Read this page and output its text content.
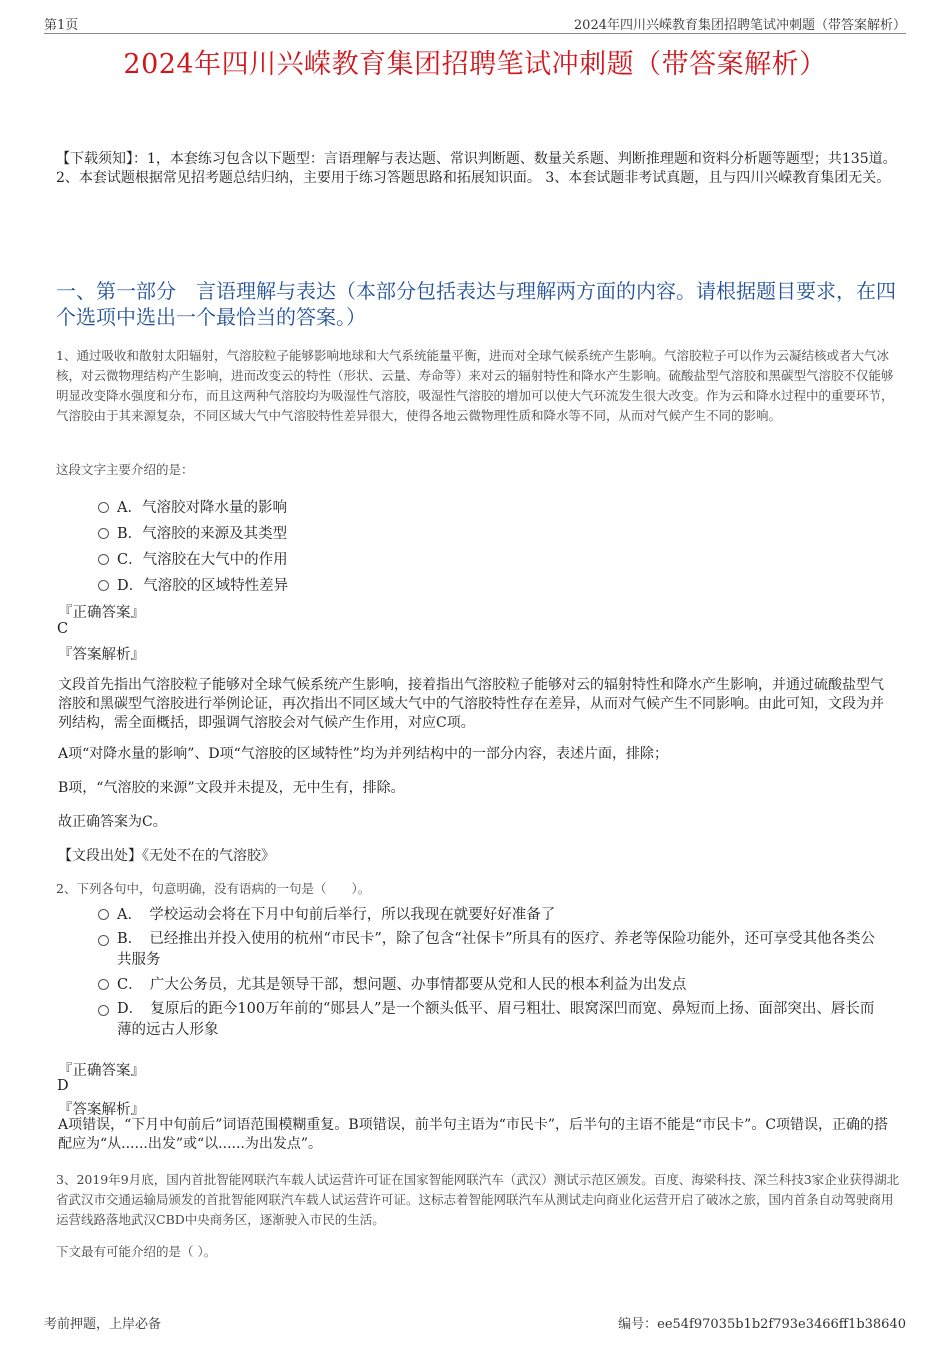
第1页	2024年四川兴嵘教育集团招聘笔试冲刺题（带答案解析）
2024年四川兴嵘教育集团招聘笔试冲刺题（带答案解析）
【下载须知】：1，本套练习包含以下题型：言语理解与表达题、常识判断题、数量关系题、判断推理题和资料分析题等题型；共135道。 2、本套试题根据常见招考题总结归纳，主要用于练习答题思路和拓展知识面。 3、本套试题非考试真题，且与四川兴嵘教育集团无关。
一、第一部分　言语理解与表达（本部分包括表达与理解两方面的内容。请根据题目要求，在四个选项中选出一个最恰当的答案。）
1、通过吸收和散射太阳辐射，气溶胶粒子能够影响地球和大气系统能量平衡，进而对全球气候系统产生影响。气溶胶粒子可以作为云凝结核或者大气冰核，对云微物理结构产生影响，进而改变云的特性（形状、云量、寿命等）来对云的辐射特性和降水产生影响。硫酸盐型气溶胶和黑碳型气溶胶不仅能够明显改变降水强度和分布，而且这两种气溶胶均为吸湿性气溶胶，吸湿性气溶胶的增加可以使大气环流发生很大改变。作为云和降水过程中的重要环节，气溶胶由于其来源复杂，不同区域大气中气溶胶特性差异很大，使得各地云微物理性质和降水等不同，从而对气候产生不同的影响。
这段文字主要介绍的是：
A．气溶胶对降水量的影响
B．气溶胶的来源及其类型
C．气溶胶在大气中的作用
D．气溶胶的区域特性差异
『正确答案』
C
『答案解析』
文段首先指出气溶胶粒子能够对全球气候系统产生影响，接着指出气溶胶粒子能够对云的辐射特性和降水产生影响，并通过硫酸盐型气溶胶和黑碳型气溶胶进行举例论证，再次指出不同区域大气中的气溶胶特性存在差异，从而对气候产生不同影响。由此可知，文段为并列结构，需全面概括，即强调气溶胶会对气候产生作用，对应C项。
A项“对降水量的影响”、D项“气溶胶的区域特性”均为并列结构中的一部分内容，表述片面，排除；
B项，“气溶胶的来源”文段并未提及，无中生有，排除。
故正确答案为C。
【文段出处】《无处不在的气溶胶》
2、下列各句中，句意明确，没有语病的一句是（　　）。
A．　学校运动会将在下月中旬前后举行，所以我现在就要好好准备了
B．　已经推出并投入使用的杭州“市民卡”，除了包含“社保卡”所具有的医疗、养老等保险功能外，还可享受其他各类公共服务
C．　广大公务员，尤其是领导干部，想问题、办事情都要从党和人民的根本利益为出发点
D．　复原后的距今100万年前的“郧县人”是一个额头低平、眉弓粗壮、眼窝深凹而宽、鼻短而上扬、面部突出、唇长而薄的远古人形象
『正确答案』
D
『答案解析』
A项错误，“下月中旬前后”词语范围模糊重复。B项错误，前半句主语为“市民卡”，后半句的主语不能是“市民卡”。C项错误，正确的搭配应为“从......出发”或“以......为出发点”。
3、2019年9月底，国内首批智能网联汽车载人试运营许可证在国家智能网联汽车（武汉）测试示范区颁发。百度、海梁科技、深兰科技3家企业获得湖北省武汉市交通运输局颁发的首批智能网联汽车载人试运营许可证。这标志着智能网联汽车从测试走向商业化运营开启了破冰之旅，国内首条自动驾驶商用运营线路落地武汉CBD中央商务区，逐渐驶入市民的生活。
下文最有可能介绍的是（ ）。
考前押题，上岸必备	编号：ee54f97035b1b2f793e3466ff1b38640
